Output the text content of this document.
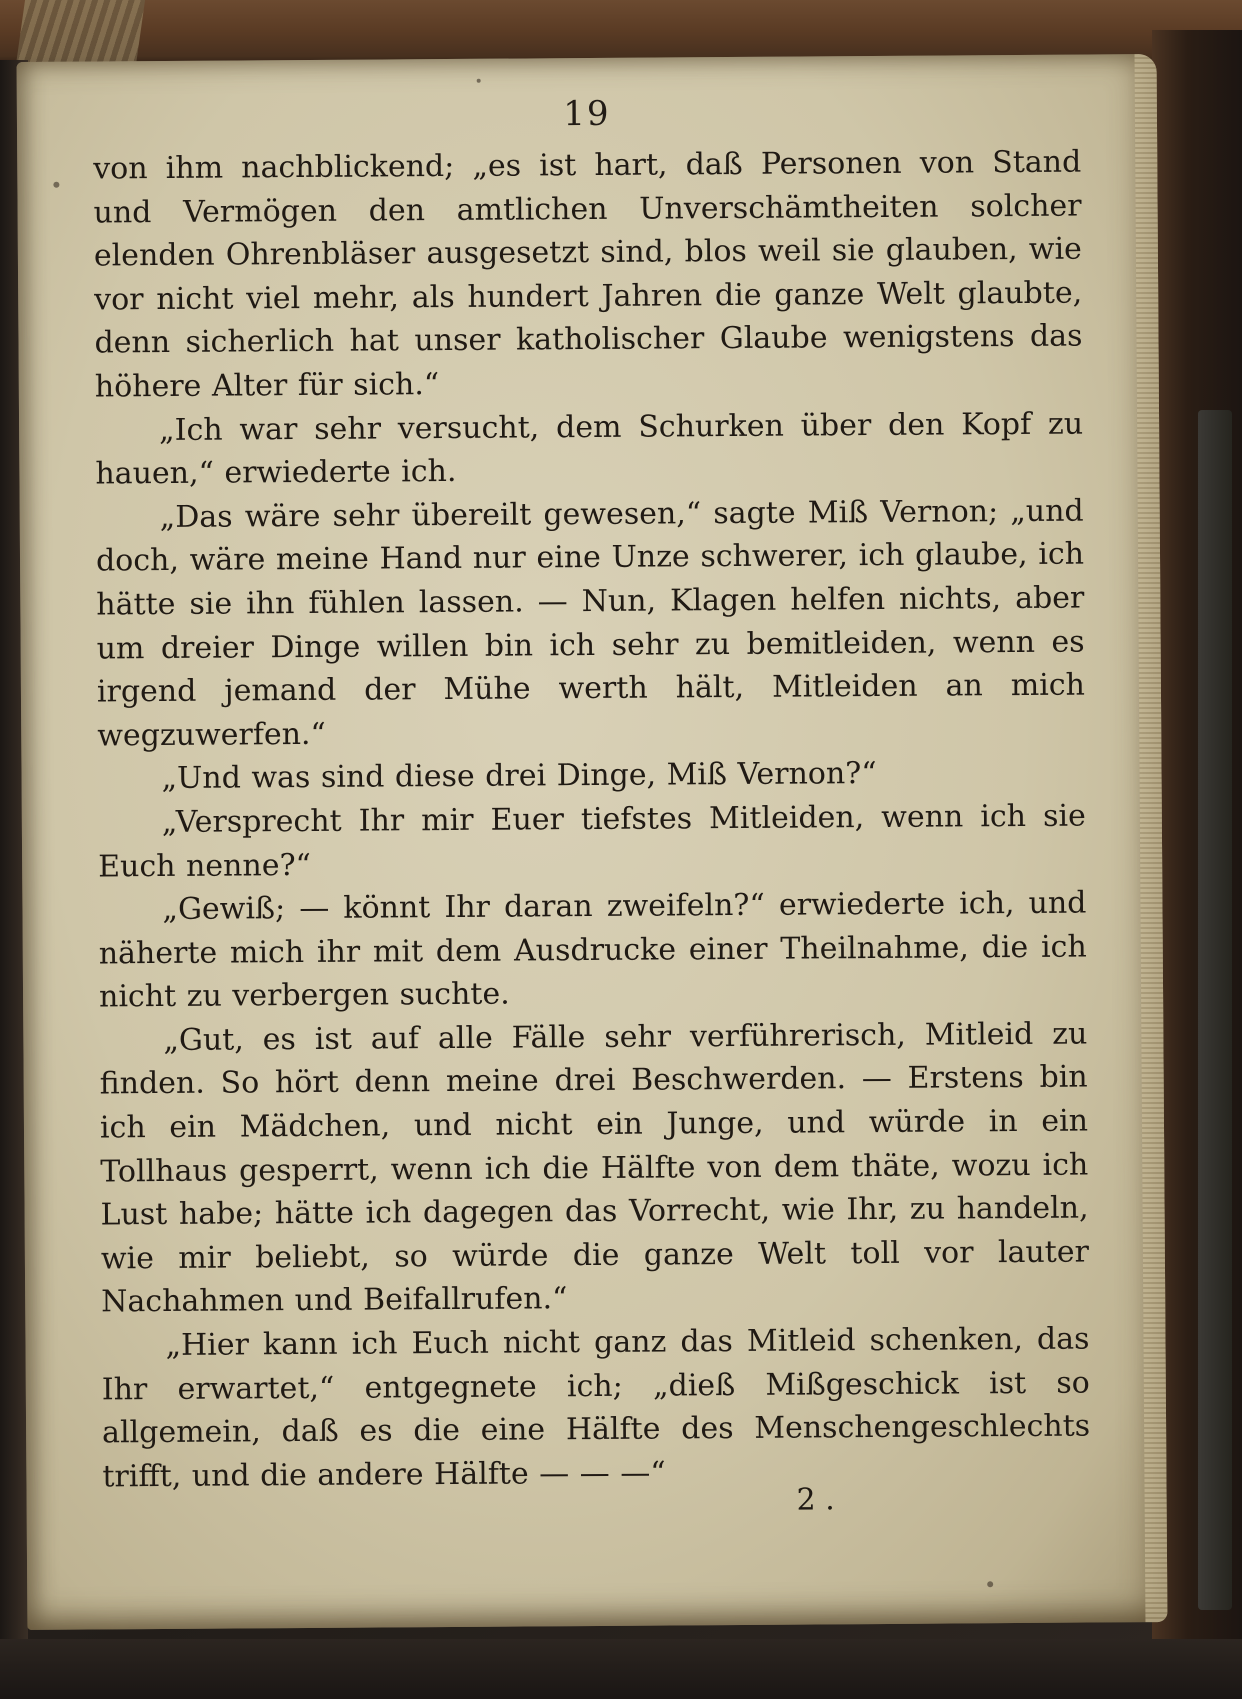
19

von ihm nachblickend; „es ist hart, daß Personen von Stand und Vermögen den amtlichen Unverschämtheiten solcher elenden Ohrenbläser ausgesetzt sind, blos weil sie glauben, wie vor nicht viel mehr, als hundert Jahren die ganze Welt glaubte, denn sicherlich hat unser katholischer Glaube wenigstens das höhere Alter für sich.“

„Ich war sehr versucht, dem Schurken über den Kopf zu hauen,“ erwiederte ich.

„Das wäre sehr übereilt gewesen,“ sagte Miß Vernon; „und doch, wäre meine Hand nur eine Unze schwerer, ich glaube, ich hätte sie ihn fühlen lassen. — Nun, Klagen helfen nichts, aber um dreier Dinge willen bin ich sehr zu bemitleiden, wenn es irgend jemand der Mühe werth hält, Mitleiden an mich wegzuwerfen.“

„Und was sind diese drei Dinge, Miß Vernon?“

„Versprecht Ihr mir Euer tiefstes Mitleiden, wenn ich sie Euch nenne?“

„Gewiß; — könnt Ihr daran zweifeln?“ erwiederte ich, und näherte mich ihr mit dem Ausdrucke einer Theilnahme, die ich nicht zu verbergen suchte.

„Gut, es ist auf alle Fälle sehr verführerisch, Mitleid zu finden. So hört denn meine drei Beschwerden. — Erstens bin ich ein Mädchen, und nicht ein Junge, und würde in ein Tollhaus gesperrt, wenn ich die Hälfte von dem thäte, wozu ich Lust habe; hätte ich dagegen das Vorrecht, wie Ihr, zu handeln, wie mir beliebt, so würde die ganze Welt toll vor lauter Nachahmen und Beifallrufen.“

„Hier kann ich Euch nicht ganz das Mitleid schenken, das Ihr erwartet,“ entgegnete ich; „dieß Mißgeschick ist so allgemein, daß es die eine Hälfte des Menschengeschlechts trifft, und die andere Hälfte — — —“

2 .
